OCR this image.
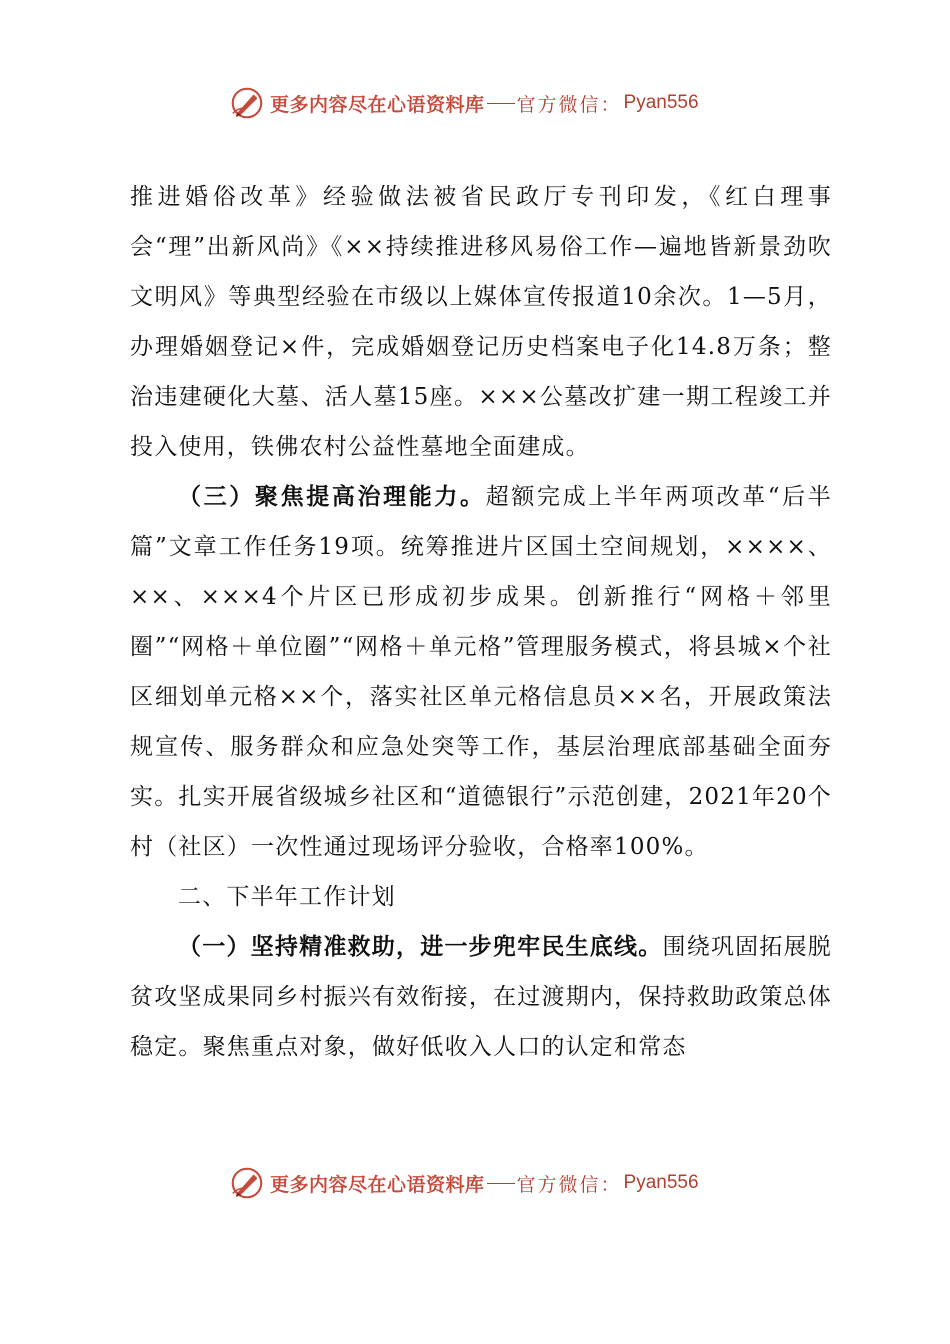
更多内容尽在心语资料库 官方微信： Pyan556

推进婚俗改革》经验做法被省民政厅专刊印发，《红白理事会“理”出新风尚》《××持续推进移风易俗工作—遍地皆新景劲吹文明风》等典型经验在市级以上媒体宣传报道10余次。1—5月，办理婚姻登记×件，完成婚姻登记历史档案电子化14.8万条；整治违建硬化大墓、活人墓15座。×××公墓改扩建一期工程竣工并投入使用，铁佛农村公益性墓地全面建成。

（三）聚焦提高治理能力。超额完成上半年两项改革“后半篇”文章工作任务19项。统筹推进片区国土空间规划，××××、××、×××4个片区已形成初步成果。创新推行“网格＋邻里圈”“网格＋单位圈”“网格＋单元格”管理服务模式，将县城×个社区细划单元格××个，落实社区单元格信息员××名，开展政策法规宣传、服务群众和应急处突等工作，基层治理底部基础全面夯实。扎实开展省级城乡社区和“道德银行”示范创建，2021年20个村（社区）一次性通过现场评分验收，合格率100%。

二、下半年工作计划

（一）坚持精准救助，进一步兜牢民生底线。围绕巩固拓展脱贫攻坚成果同乡村振兴有效衔接，在过渡期内，保持救助政策总体稳定。聚焦重点对象，做好低收入人口的认定和常态

更多内容尽在心语资料库 官方微信： Pyan556
